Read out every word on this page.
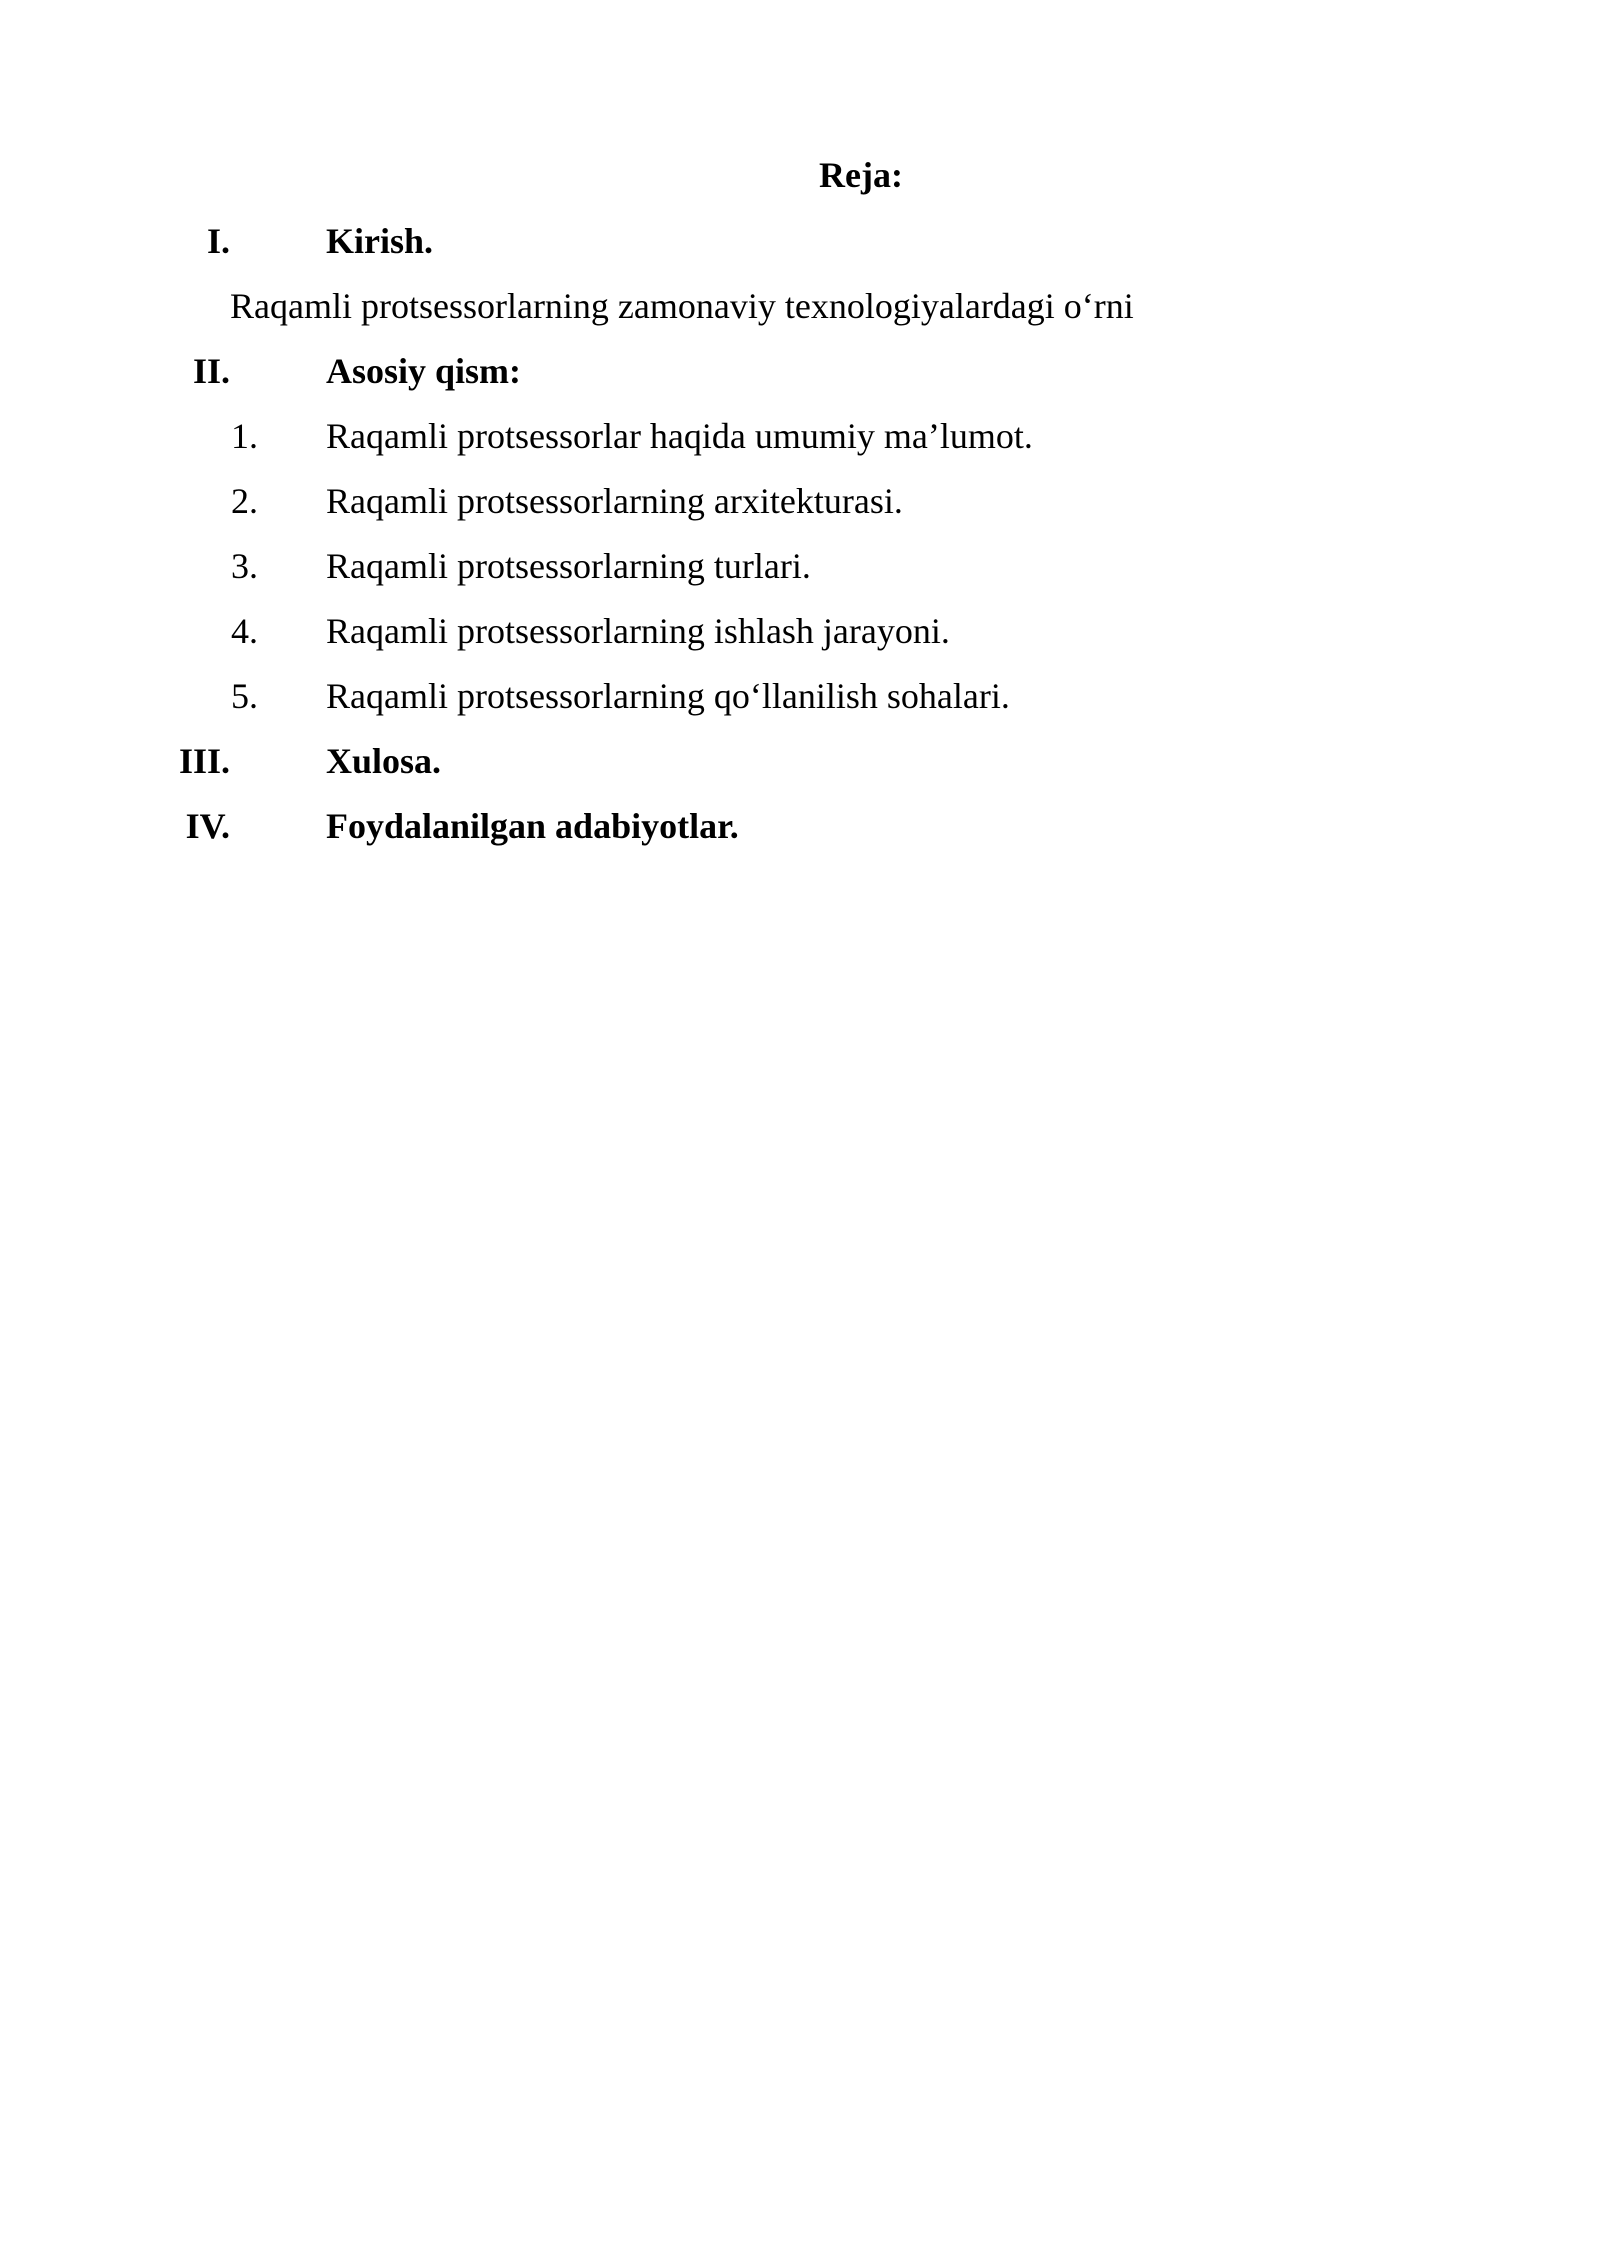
Reja:
I.	Kirish.
Raqamli protsessorlarning zamonaviy texnologiyalardagi o‘rni
II.	Asosiy qism:
1. Raqamli protsessorlar haqida umumiy ma’lumot.
2. Raqamli protsessorlarning arxitekturasi.
3. Raqamli protsessorlarning turlari.
4. Raqamli protsessorlarning ishlash jarayoni.
5. Raqamli protsessorlarning qo‘llanilish sohalari.
III.	Xulosa.
IV.	Foydalanilgan adabiyotlar.
